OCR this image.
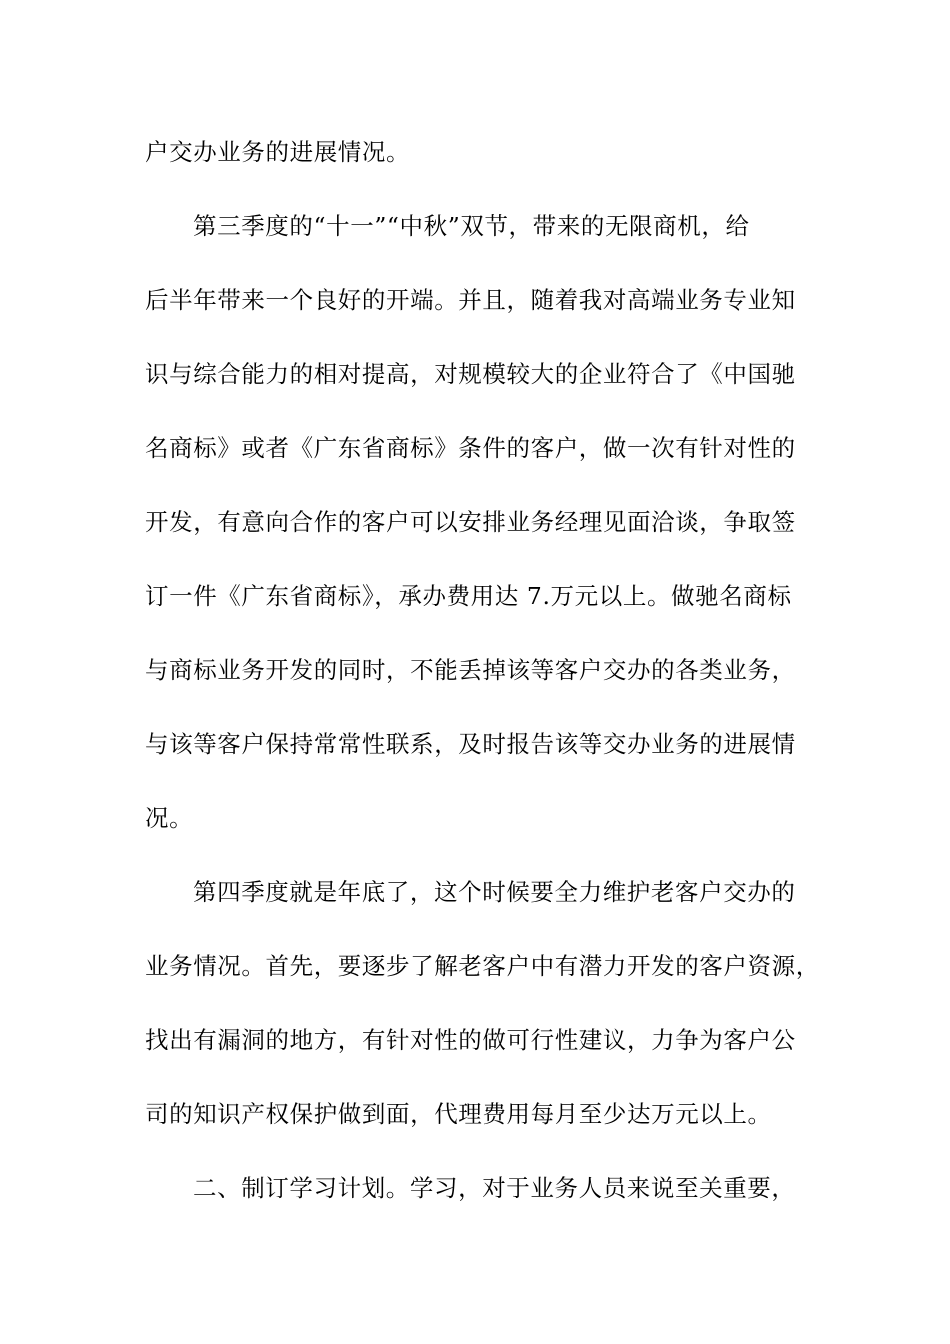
户交办业务的进展情况。

第三季度的“十一”“中秋”双节，带来的无限商机，给

后半年带来一个良好的开端。并且，随着我对高端业务专业知

识与综合能力的相对提高，对规模较大的企业符合了《中国驰

名商标》或者《广东省商标》条件的客户，做一次有针对性的

开发，有意向合作的客户可以安排业务经理见面洽谈，争取签

订一件《广东省商标》，承办费用达 7.万元以上。做驰名商标

与商标业务开发的同时，不能丢掉该等客户交办的各类业务，

与该等客户保持常常性联系，及时报告该等交办业务的进展情

况。

第四季度就是年底了，这个时候要全力维护老客户交办的

业务情况。首先，要逐步了解老客户中有潜力开发的客户资源，

找出有漏洞的地方，有针对性的做可行性建议，力争为客户公

司的知识产权保护做到面，代理费用每月至少达万元以上。

二、制订学习计划。学习，对于业务人员来说至关重要，
